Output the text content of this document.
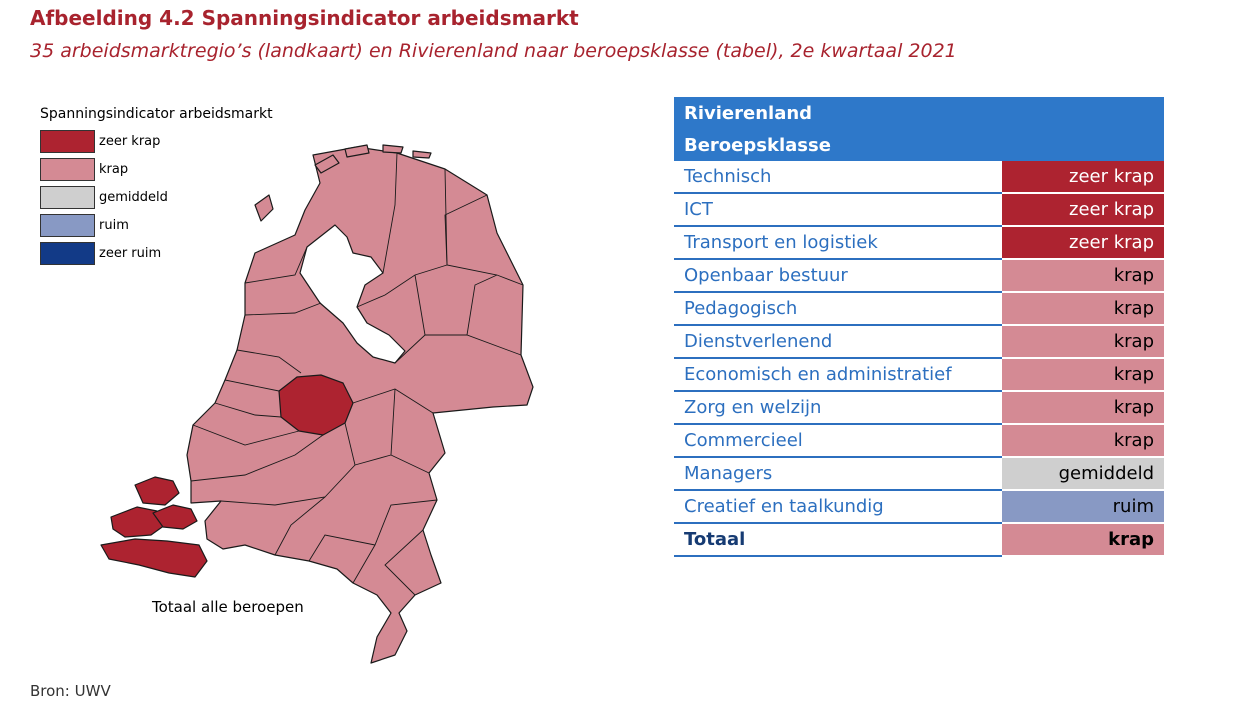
Afbeelding 4.2 Spanningsindicator arbeidsmarkt
35 arbeidsmarktregio’s (landkaart) en Rivierenland naar beroepsklasse (tabel), 2e kwartaal 2021
Spanningsindicator arbeidsmarkt
zeer krap
krap
gemiddeld
ruim
zeer ruim
Totaal alle beroepen
Rivierenland	
Beroepsklasse	
Technisch	zeer krap
ICT	zeer krap
Transport en logistiek	zeer krap
Openbaar bestuur	krap
Pedagogisch	krap
Dienstverlenend	krap
Economisch en administratief	krap
Zorg en welzijn	krap
Commercieel	krap
Managers	gemiddeld
Creatief en taalkundig	ruim
Totaal	krap
Bron: UWV
